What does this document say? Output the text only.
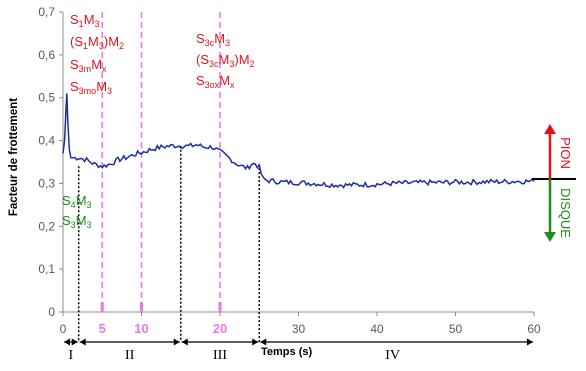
Facteur de frottement
0
0,1
0,2
0,3
0,4
0,5
0,6
0,7
0	10	20	30	40	50	60
5
PION
DISQUE
$S_1M_3$
$(S_1M_3)M_2$
$S_{3m}M_x$
$S_{3mo}M_3$
$S_{3c}M_3$
$(S_{3c}M_3)M_2$
$S_{3ox}M_x$
$S_4M_3$
$S_3M_3$
I	II	III	IV
Temps (s)
